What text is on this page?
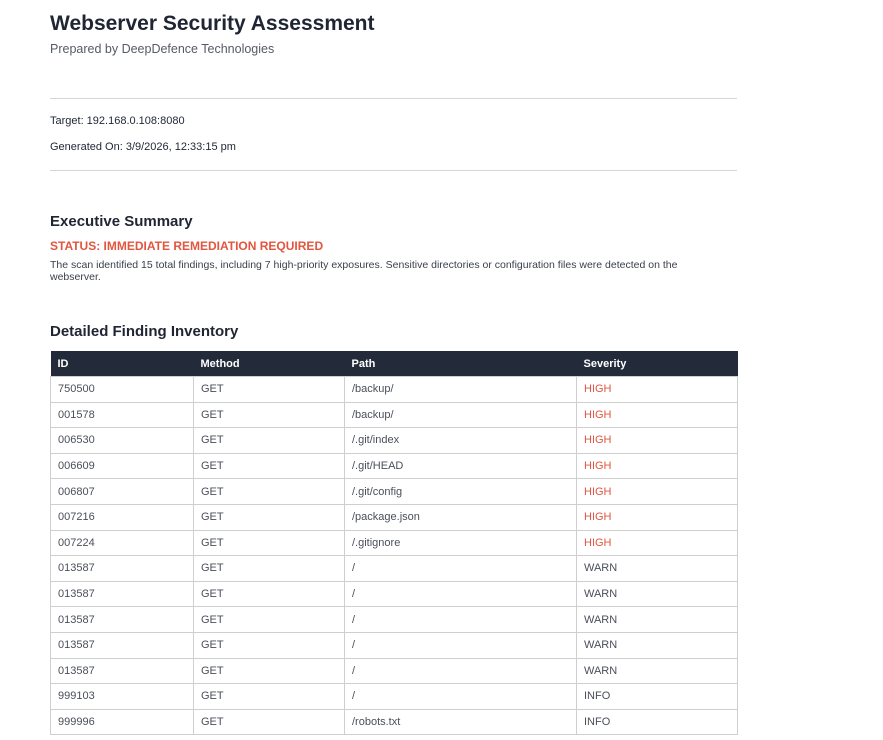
Webserver Security Assessment
Prepared by DeepDefence Technologies
Target: 192.168.0.108:8080
Generated On: 3/9/2026, 12:33:15 pm
Executive Summary
STATUS: IMMEDIATE REMEDIATION REQUIRED
The scan identified 15 total findings, including 7 high-priority exposures. Sensitive directories or configuration files were detected on the webserver.
Detailed Finding Inventory
ID	Method	Path	Severity
750500	GET	/backup/	HIGH
001578	GET	/backup/	HIGH
006530	GET	/.git/index	HIGH
006609	GET	/.git/HEAD	HIGH
006807	GET	/.git/config	HIGH
007216	GET	/package.json	HIGH
007224	GET	/.gitignore	HIGH
013587	GET	/	WARN
013587	GET	/	WARN
013587	GET	/	WARN
013587	GET	/	WARN
013587	GET	/	WARN
999103	GET	/	INFO
999996	GET	/robots.txt	INFO
